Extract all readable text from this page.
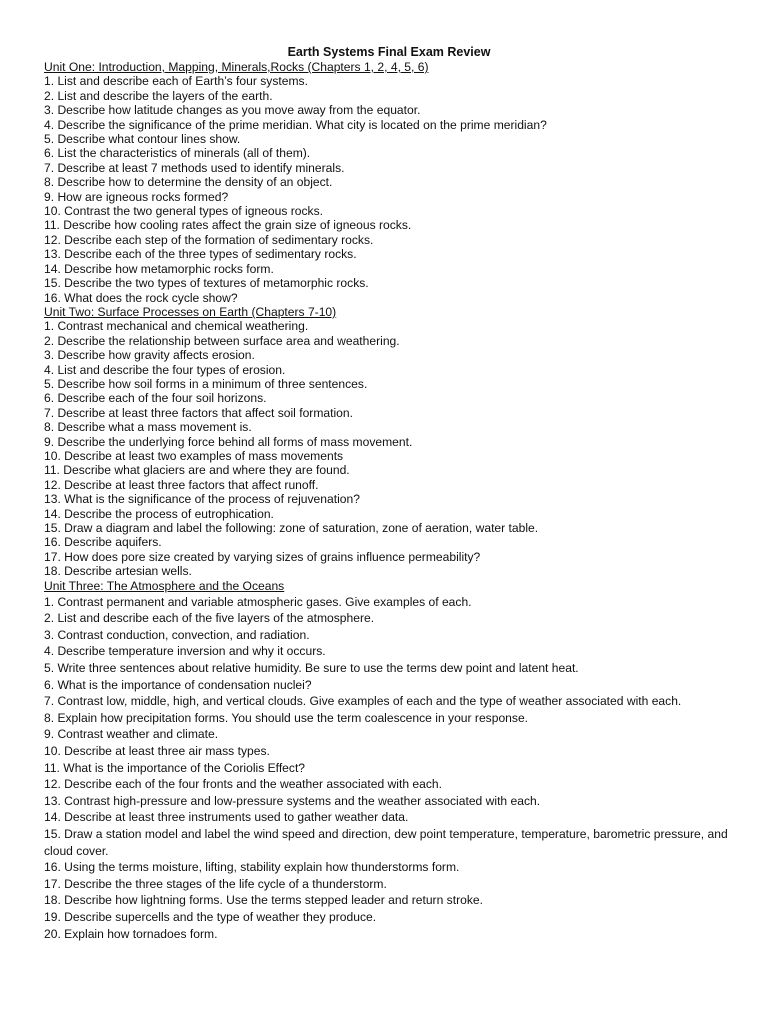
Earth Systems Final Exam Review
Unit One: Introduction, Mapping, Minerals,Rocks (Chapters 1, 2, 4, 5, 6)
1. List and describe each of Earth’s four systems.
2. List and describe the layers of the earth.
3. Describe how latitude changes as you move away from the equator.
4. Describe the significance of the prime meridian. What city is located on the prime meridian?
5. Describe what contour lines show.
6. List the characteristics of minerals (all of them).
7. Describe at least 7 methods used to identify minerals.
8. Describe how to determine the density of an object.
9. How are igneous rocks formed?
10. Contrast the two general types of igneous rocks.
11. Describe how cooling rates affect the grain size of igneous rocks.
12. Describe each step of the formation of sedimentary rocks.
13. Describe each of the three types of sedimentary rocks.
14. Describe how metamorphic rocks form.
15. Describe the two types of textures of metamorphic rocks.
16. What does the rock cycle show?
Unit Two: Surface Processes on Earth (Chapters 7-10)
1. Contrast mechanical and chemical weathering.
2. Describe the relationship between surface area and weathering.
3. Describe how gravity affects erosion.
4. List and describe the four types of erosion.
5. Describe how soil forms in a minimum of three sentences.
6. Describe each of the four soil horizons.
7. Describe at least three factors that affect soil formation.
8. Describe what a mass movement is.
9. Describe the underlying force behind all forms of mass movement.
10. Describe at least two examples of mass movements
11. Describe what glaciers are and where they are found.
12. Describe at least three factors that affect runoff.
13. What is the significance of the process of rejuvenation?
14. Describe the process of eutrophication.
15. Draw a diagram and label the following: zone of saturation, zone of aeration, water table.
16. Describe aquifers.
17. How does pore size created by varying sizes of grains influence permeability?
18. Describe artesian wells.
Unit Three: The Atmosphere and the Oceans
1. Contrast permanent and variable atmospheric gases. Give examples of each.
2. List and describe each of the five layers of the atmosphere.
3. Contrast conduction, convection, and radiation.
4. Describe temperature inversion and why it occurs.
5. Write three sentences about relative humidity. Be sure to use the terms dew point and latent heat.
6. What is the importance of condensation nuclei?
7. Contrast low, middle, high, and vertical clouds. Give examples of each and the type of weather associated with each.
8. Explain how precipitation forms. You should use the term coalescence in your response.
9. Contrast weather and climate.
10. Describe at least three air mass types.
11. What is the importance of the Coriolis Effect?
12. Describe each of the four fronts and the weather associated with each.
13. Contrast high-pressure and low-pressure systems and the weather associated with each.
14. Describe at least three instruments used to gather weather data.
15. Draw a station model and label the wind speed and direction, dew point temperature, temperature, barometric pressure, and cloud cover.
16. Using the terms moisture, lifting, stability explain how thunderstorms form.
17. Describe the three stages of the life cycle of a thunderstorm.
18. Describe how lightning forms. Use the terms stepped leader and return stroke.
19. Describe supercells and the type of weather they produce.
20. Explain how tornadoes form.
